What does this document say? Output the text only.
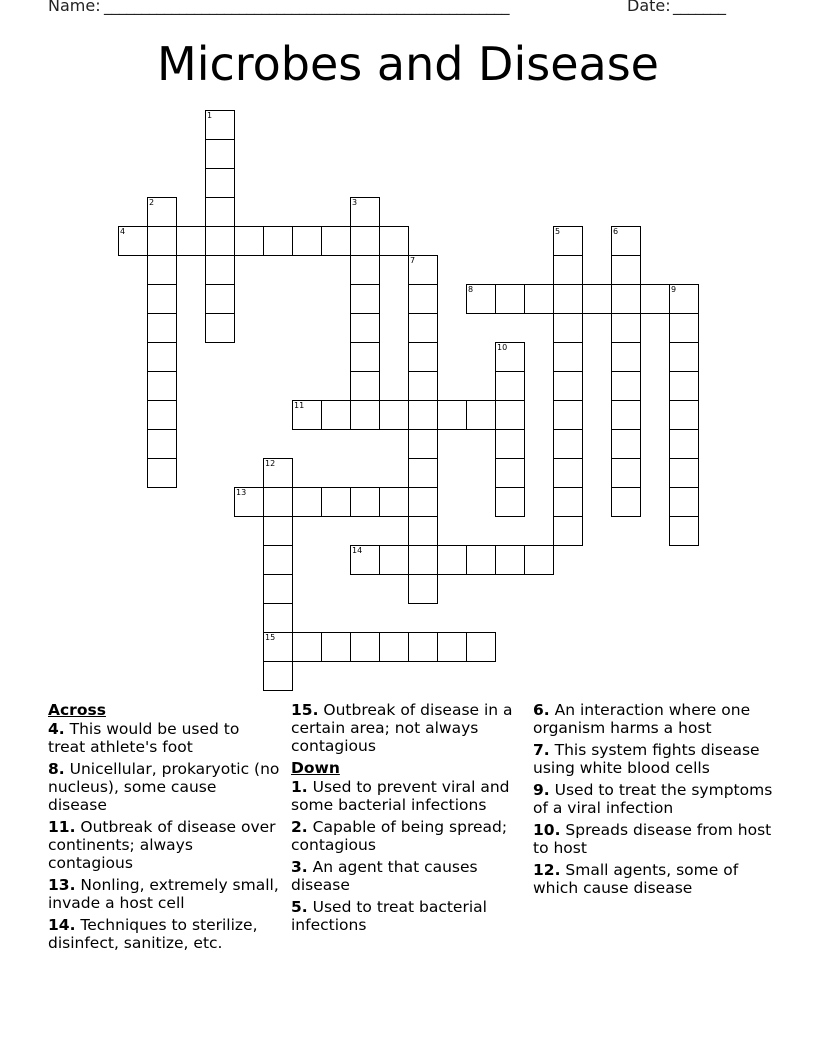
Name: ______________________________________________________	Date: _______
Microbes and Disease
1
2	3
4	5	6
7
8	9
10
11
12
15
13
14
Across
4. This would be used to treat athlete's foot
8. Unicellular, prokaryotic (no nucleus), some cause disease
11. Outbreak of disease over continents; always contagious
13. Nonling, extremely small, invade a host cell
14. Techniques to sterilize, disinfect, sanitize, etc.
15. Outbreak of disease in a certain area; not always contagious
Down
1. Used to prevent viral and some bacterial infections
2. Capable of being spread; contagious
3. An agent that causes disease
5. Used to treat bacterial infections
6. An interaction where one organism harms a host
7. This system fights disease using white blood cells
9. Used to treat the symptoms of a viral infection
10. Spreads disease from host to host
12. Small agents, some of which cause disease
